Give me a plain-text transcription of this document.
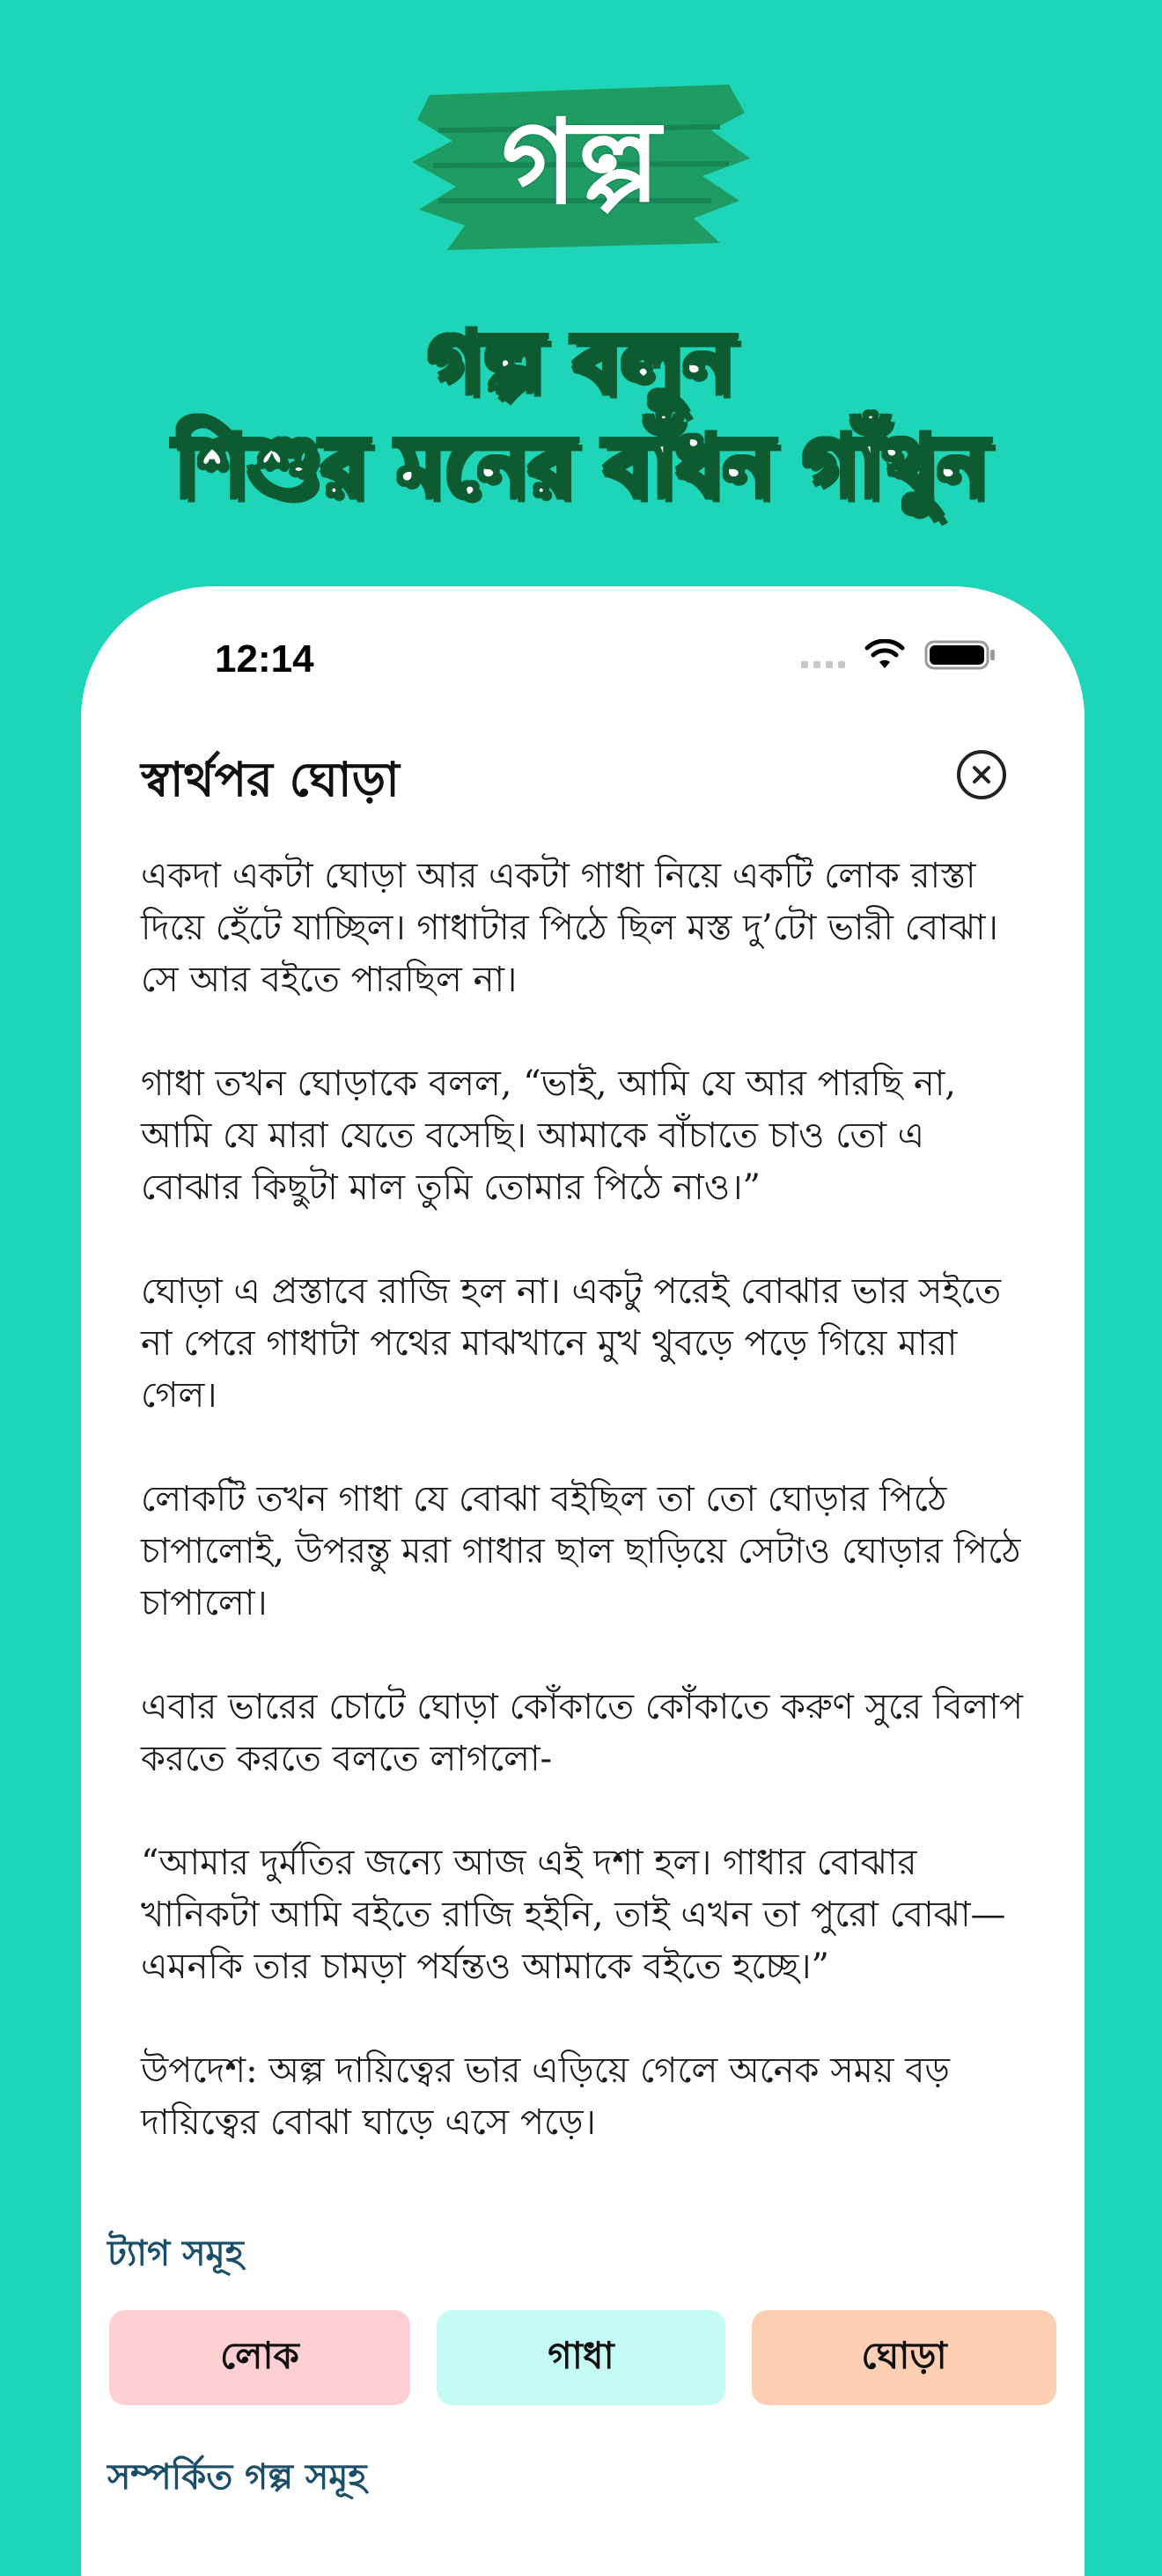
গল্প
গল্প বলুন
শিশুর মনের বাঁধন গাঁথুন
12:14
স্বার্থপর ঘোড়া

একদা একটা ঘোড়া আর একটা গাধা নিয়ে একটি লোক রাস্তা দিয়ে হেঁটে যাচ্ছিল। গাধাটার পিঠে ছিল মস্ত দু’টো ভারী বোঝা। সে আর বইতে পারছিল না।

গাধা তখন ঘোড়াকে বলল, “ভাই, আমি যে আর পারছি না, আমি যে মারা যেতে বসেছি। আমাকে বাঁচাতে চাও তো এ বোঝার কিছুটা মাল তুমি তোমার পিঠে নাও।”

ঘোড়া এ প্রস্তাবে রাজি হল না। একটু পরেই বোঝার ভার সইতে না পেরে গাধাটা পথের মাঝখানে মুখ থুবড়ে পড়ে গিয়ে মারা গেল।

লোকটি তখন গাধা যে বোঝা বইছিল তা তো ঘোড়ার পিঠে চাপালোই, উপরন্তু মরা গাধার ছাল ছাড়িয়ে সেটাও ঘোড়ার পিঠে চাপালো।

এবার ভারের চোটে ঘোড়া কোঁকাতে কোঁকাতে করুণ সুরে বিলাপ করতে করতে বলতে লাগলো-

“আমার দুর্মতির জন্যে আজ এই দশা হল। গাধার বোঝার খানিকটা আমি বইতে রাজি হইনি, তাই এখন তা পুরো বোঝা—এমনকি তার চামড়া পর্যন্তও আমাকে বইতে হচ্ছে।”

উপদেশ: অল্প দায়িত্বের ভার এড়িয়ে গেলে অনেক সময় বড় দায়িত্বের বোঝা ঘাড়ে এসে পড়ে।

ট্যাগ সমূহ
লোক	গাধা	ঘোড়া
সম্পর্কিত গল্প সমূহ
